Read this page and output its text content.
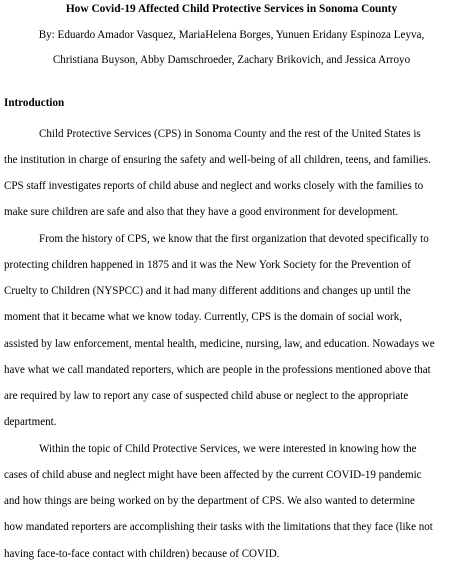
How Covid-19 Affected Child Protective Services in Sonoma County
By: Eduardo Amador Vasquez, MariaHelena Borges, Yunuen Eridany Espinoza Leyva,
Christiana Buyson, Abby Damschroeder, Zachary Brikovich, and Jessica Arroyo
Introduction
Child Protective Services (CPS) in Sonoma County and the rest of the United States is
the institution in charge of ensuring the safety and well-being of all children, teens, and families.
CPS staff investigates reports of child abuse and neglect and works closely with the families to
make sure children are safe and also that they have a good environment for development.
From the history of CPS, we know that the first organization that devoted specifically to
protecting children happened in 1875 and it was the New York Society for the Prevention of
Cruelty to Children (NYSPCC) and it had many different additions and changes up until the
moment that it became what we know today. Currently, CPS is the domain of social work,
assisted by law enforcement, mental health, medicine, nursing, law, and education. Nowadays we
have what we call mandated reporters, which are people in the professions mentioned above that
are required by law to report any case of suspected child abuse or neglect to the appropriate
department.
Within the topic of Child Protective Services, we were interested in knowing how the
cases of child abuse and neglect might have been affected by the current COVID-19 pandemic
and how things are being worked on by the department of CPS. We also wanted to determine
how mandated reporters are accomplishing their tasks with the limitations that they face (like not
having face-to-face contact with children) because of COVID.
